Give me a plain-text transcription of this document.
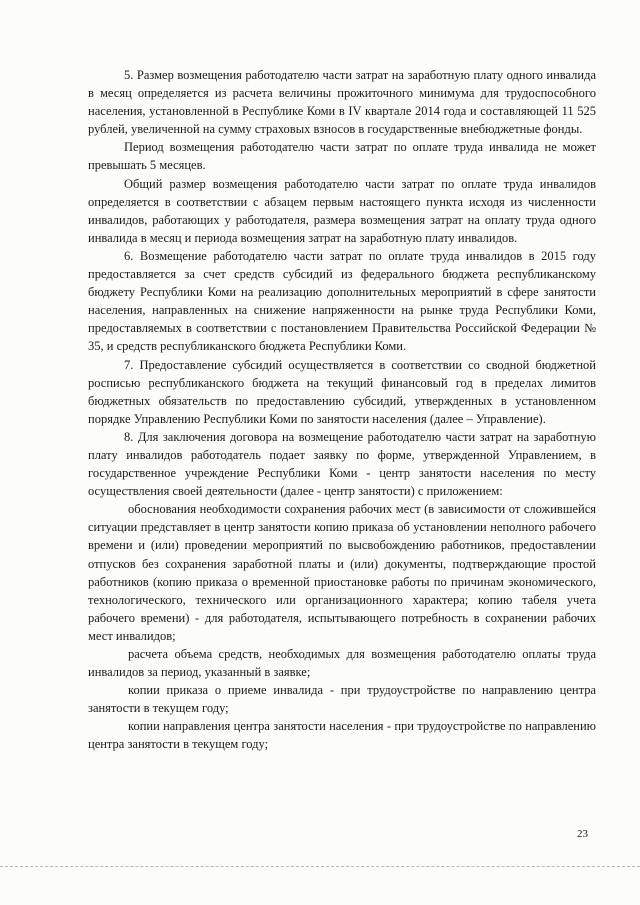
5. Размер возмещения работодателю части затрат на заработную плату одного инвалида в месяц определяется из расчета величины прожиточного минимума для трудоспособного населения, установленной в Республике Коми в IV квартале 2014 года и составляющей 11 525 рублей, увеличенной на сумму страховых взносов в государственные внебюджетные фонды.

Период возмещения работодателю части затрат по оплате труда инвалида не может превышать 5 месяцев.

Общий размер возмещения работодателю части затрат по оплате труда инвалидов определяется в соответствии с абзацем первым настоящего пункта исходя из численности инвалидов, работающих у работодателя, размера возмещения затрат на оплату труда одного инвалида в месяц и периода возмещения затрат на заработную плату инвалидов.

6. Возмещение работодателю части затрат по оплате труда инвалидов в 2015 году предоставляется за счет средств субсидий из федерального бюджета республиканскому бюджету Республики Коми на реализацию дополнительных мероприятий в сфере занятости населения, направленных на снижение напряженности на рынке труда Республики Коми, предоставляемых в соответствии с постановлением Правительства Российской Федерации № 35, и средств республиканского бюджета Республики Коми.

7. Предоставление субсидий осуществляется в соответствии со сводной бюджетной росписью республиканского бюджета на текущий финансовый год в пределах лимитов бюджетных обязательств по предоставлению субсидий, утвержденных в установленном порядке Управлению Республики Коми по занятости населения (далее – Управление).

8. Для заключения договора на возмещение работодателю части затрат на заработную плату инвалидов работодатель подает заявку по форме, утвержденной Управлением, в государственное учреждение Республики Коми - центр занятости населения по месту осуществления своей деятельности (далее - центр занятости) с приложением:

обоснования необходимости сохранения рабочих мест (в зависимости от сложившейся ситуации представляет в центр занятости копию приказа об установлении неполного рабочего времени и (или) проведении мероприятий по высвобождению работников, предоставлении отпусков без сохранения заработной платы и (или) документы, подтверждающие простой работников (копию приказа о временной приостановке работы по причинам экономического, технологического, технического или организационного характера; копию табеля учета рабочего времени) - для работодателя, испытывающего потребность в сохранении рабочих мест инвалидов;

расчета объема средств, необходимых для возмещения работодателю оплаты труда инвалидов за период, указанный в заявке;

копии приказа о приеме инвалида - при трудоустройстве по направлению центра занятости в текущем году;

копии направления центра занятости населения - при трудоустройстве по направлению центра занятости в текущем году;

23
